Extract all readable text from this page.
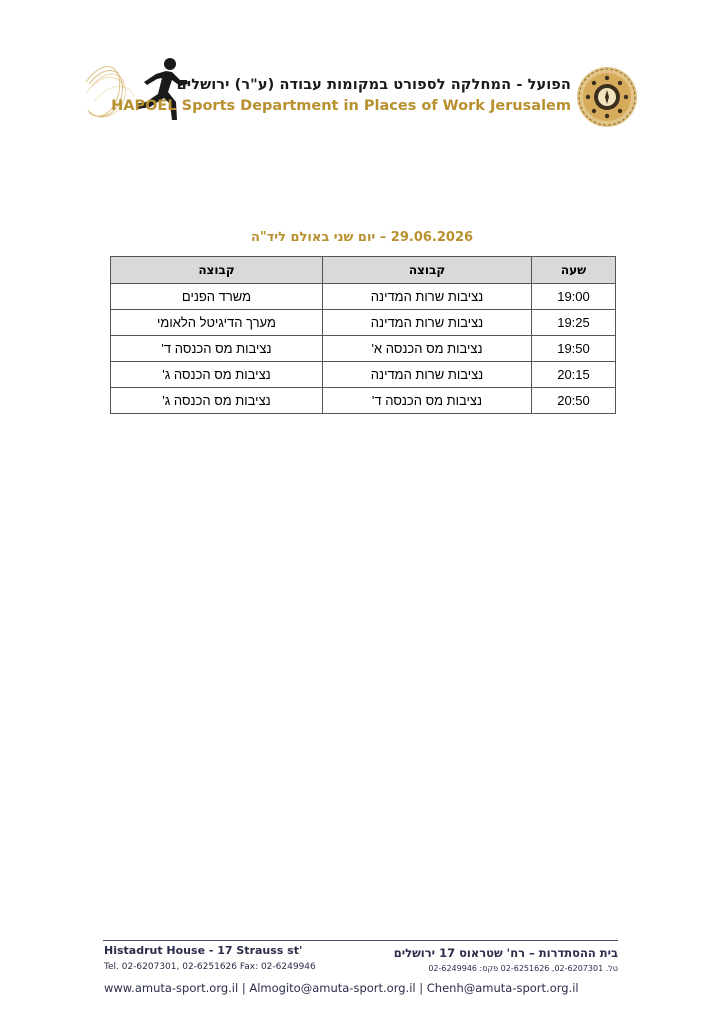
הפועל - המחלקה לספורט במקומות עבודה (ע"ר) ירושלים
HAPOEL Sports Department in Places of Work Jerusalem
29.06.2026 – יום שני באולם ליד"ה
שעה	קבוצה	קבוצה
19:00	נציבות שרות המדינה	משרד הפנים
19:25	נציבות שרות המדינה	מערך הדיגיטל הלאומי
19:50	נציבות מס הכנסה א'	נציבות מס הכנסה ד'
20:15	נציבות שרות המדינה	נציבות מס הכנסה ג'
20:50	נציבות מס הכנסה ד'	נציבות מס הכנסה ג'
Histadrut House - 17 Strauss st'
Tel. 02-6207301, 02-6251626 Fax: 02-6249946
בית ההסתדרות – רח' שטראוס 17 ירושלים
טל. 02-6207301, 02-6251626 פקס: 02-6249946
www.amuta-sport.org.il | Almogito@amuta-sport.org.il | Chenh@amuta-sport.org.il
